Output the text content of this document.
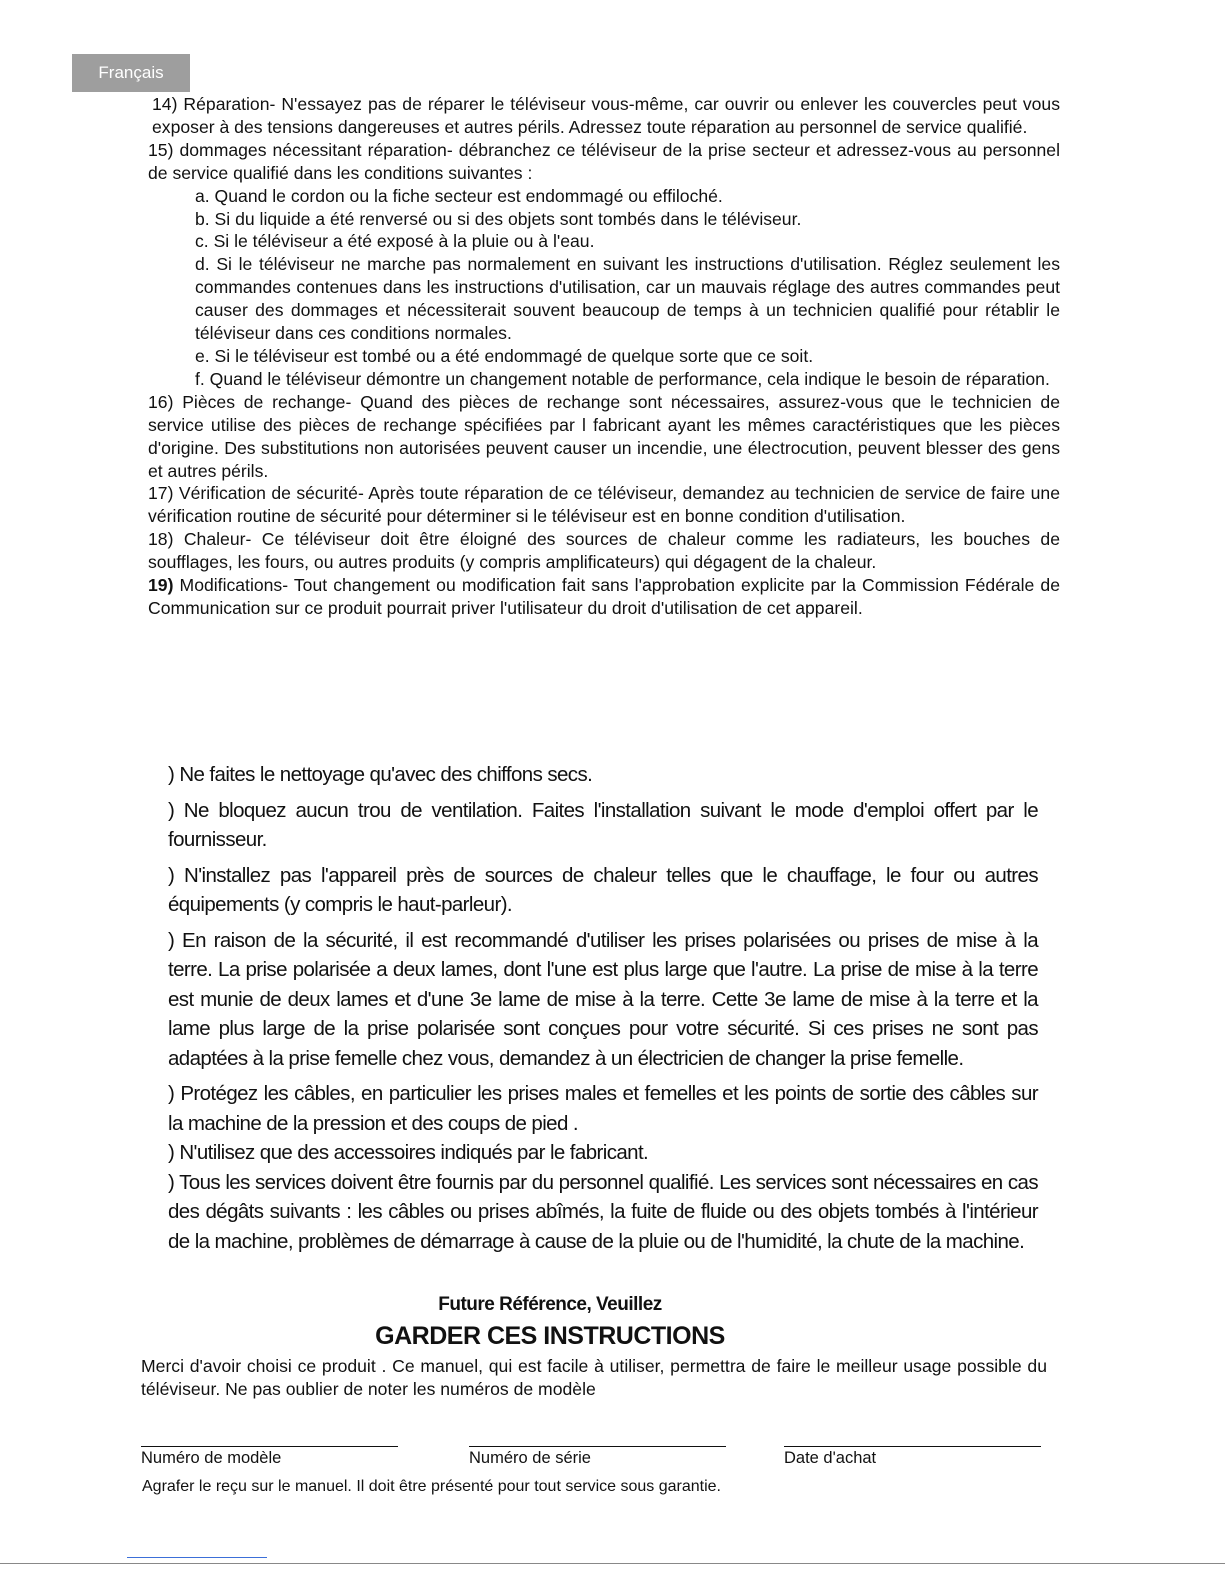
Français

14) Réparation- N'essayez pas de réparer le téléviseur vous-même, car ouvrir ou enlever les couvercles peut vous exposer à des tensions dangereuses et autres périls. Adressez toute réparation au personnel de service qualifié.

15) dommages nécessitant réparation- débranchez ce téléviseur de la prise secteur et adressez-vous au personnel de service qualifié dans les conditions suivantes :

a. Quand le cordon ou la fiche secteur est endommagé ou effiloché.

b. Si du liquide a été renversé ou si des objets sont tombés dans le téléviseur.

c. Si le téléviseur a été exposé à la pluie ou à l'eau.

d. Si le téléviseur ne marche pas normalement en suivant les instructions d'utilisation. Réglez seulement les commandes contenues dans les instructions d'utilisation, car un mauvais réglage des autres commandes peut causer des dommages et nécessiterait souvent beaucoup de temps à un technicien qualifié pour rétablir le téléviseur dans ces conditions normales.

e. Si le téléviseur est tombé ou a été endommagé de quelque sorte que ce soit.

f. Quand le téléviseur démontre un changement notable de performance, cela indique le besoin de réparation.

16) Pièces de rechange- Quand des pièces de rechange sont nécessaires, assurez-vous que le technicien de service utilise des pièces de rechange spécifiées par l fabricant ayant les mêmes caractéristiques que les pièces d'origine. Des substitutions non autorisées peuvent causer un incendie, une électrocution, peuvent blesser des gens et autres périls.

17) Vérification de sécurité- Après toute réparation de ce téléviseur, demandez au technicien de service de faire une vérification routine de sécurité pour déterminer si le téléviseur est en bonne condition d'utilisation.

18) Chaleur- Ce téléviseur doit être éloigné des sources de chaleur comme les radiateurs, les bouches de soufflages, les fours, ou autres produits (y compris amplificateurs) qui dégagent de la chaleur.

19) Modifications- Tout changement ou modification fait sans l'approbation explicite par la Commission Fédérale de Communication sur ce produit pourrait priver l'utilisateur du droit d'utilisation de cet appareil.

) Ne faites le nettoyage qu'avec des chiffons secs.

) Ne bloquez aucun trou de ventilation. Faites l'installation suivant le mode d'emploi offert par le fournisseur.

) N'installez pas l'appareil près de sources de chaleur telles que le chauffage, le four ou autres équipements (y compris le haut-parleur).

) En raison de la sécurité, il est recommandé d'utiliser les prises polarisées ou prises de mise à la terre. La prise polarisée a deux lames, dont l'une est plus large que l'autre. La prise de mise à la terre est munie de deux lames et d'une 3e lame de mise à la terre. Cette 3e lame de mise à la terre et la lame plus large de la prise polarisée sont conçues pour votre sécurité. Si ces prises ne sont pas adaptées à la prise femelle chez vous, demandez à un électricien de changer la prise femelle.

) Protégez les câbles, en particulier les prises males et femelles et les points de sortie des câbles sur la machine de la pression et des coups de pied .

) N'utilisez que des accessoires indiqués par le fabricant.

) Tous les services doivent être fournis par du personnel qualifié. Les services sont nécessaires en cas des dégâts suivants : les câbles ou prises abîmés, la fuite de fluide ou des objets tombés à l'intérieur de la machine, problèmes de démarrage à cause de la pluie ou de l'humidité, la chute de la machine.

Future Référence, Veuillez
GARDER CES INSTRUCTIONS

Merci d'avoir choisi ce produit . Ce manuel, qui est facile à utiliser, permettra de faire le meilleur usage possible du téléviseur. Ne pas oublier de noter les numéros de modèle

Numéro de modèle	Numéro de série	Date d'achat
Agrafer le reçu sur le manuel. Il doit être présenté pour tout service sous garantie.
